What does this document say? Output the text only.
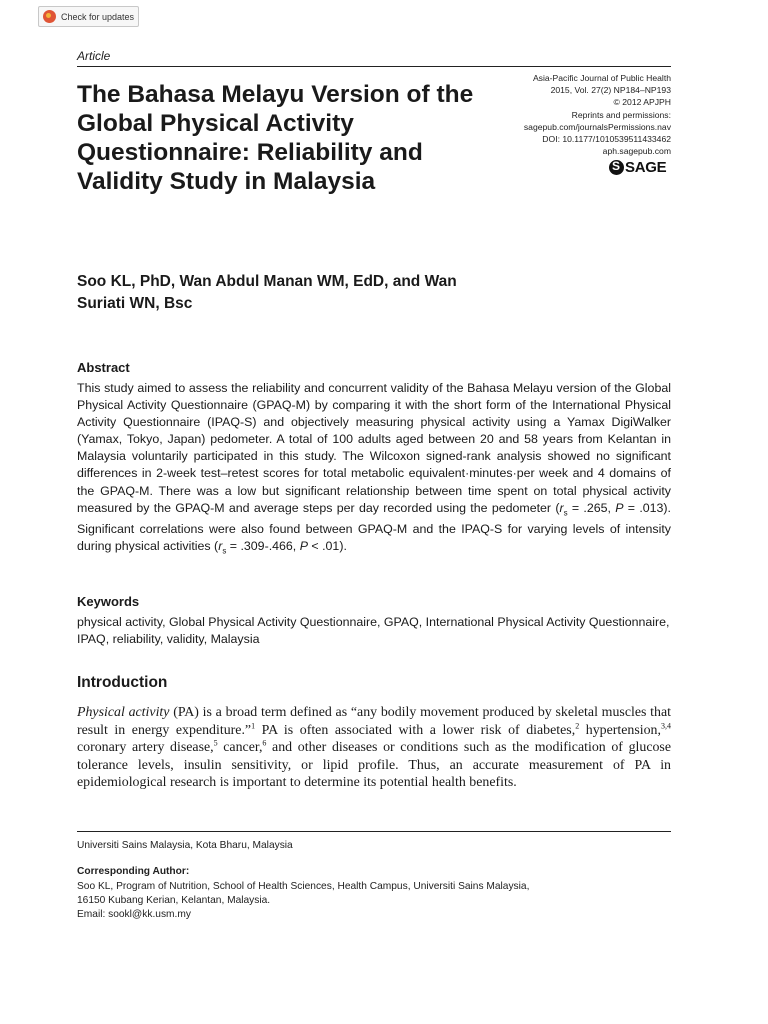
Check for updates
Article
The Bahasa Melayu Version of the Global Physical Activity Questionnaire: Reliability and Validity Study in Malaysia
Asia-Pacific Journal of Public Health
2015, Vol. 27(2) NP184–NP193
© 2012 APJPH
Reprints and permissions:
sagepub.com/journalsPermissions.nav
DOI: 10.1177/1010539511433462
aph.sagepub.com
S
SAGE
Soo KL, PhD, Wan Abdul Manan WM, EdD, and Wan Suriati WN, Bsc
Abstract

This study aimed to assess the reliability and concurrent validity of the Bahasa Melayu version of the Global Physical Activity Questionnaire (GPAQ-M) by comparing it with the short form of the International Physical Activity Questionnaire (IPAQ-S) and objectively measuring physical activity using a Yamax DigiWalker (Yamax, Tokyo, Japan) pedometer. A total of 100 adults aged between 20 and 58 years from Kelantan in Malaysia voluntarily participated in this study. The Wilcoxon signed-rank analysis showed no significant differences in 2-week test–retest scores for total metabolic equivalent·minutes·per week and 4 domains of the GPAQ-M. There was a low but significant relationship between time spent on total physical activity measured by the GPAQ-M and average steps per day recorded using the pedometer ($r_s = .265$, P = .013). Significant correlations were also found between GPAQ-M and the IPAQ-S for varying levels of intensity during physical activities ($r_s = .309-.466$, P < .01).

Keywords

physical activity, Global Physical Activity Questionnaire, GPAQ, International Physical Activity Questionnaire, IPAQ, reliability, validity, Malaysia

Introduction

Physical activity (PA) is a broad term defined as “any bodily movement produced by skeletal muscles that result in energy expenditure.”$^1$ PA is often associated with a lower risk of diabetes,$^2$ hypertension,$^{3,4}$ coronary artery disease,$^5$ cancer,$^6$ and other diseases or conditions such as the modification of glucose tolerance levels, insulin sensitivity, or lipid profile. Thus, an accurate measurement of PA in epidemiological research is important to determine its potential health benefits.

Universiti Sains Malaysia, Kota Bharu, Malaysia
Corresponding Author:
Soo KL, Program of Nutrition, School of Health Sciences, Health Campus, Universiti Sains Malaysia,
16150 Kubang Kerian, Kelantan, Malaysia.
Email: sookl@kk.usm.my
